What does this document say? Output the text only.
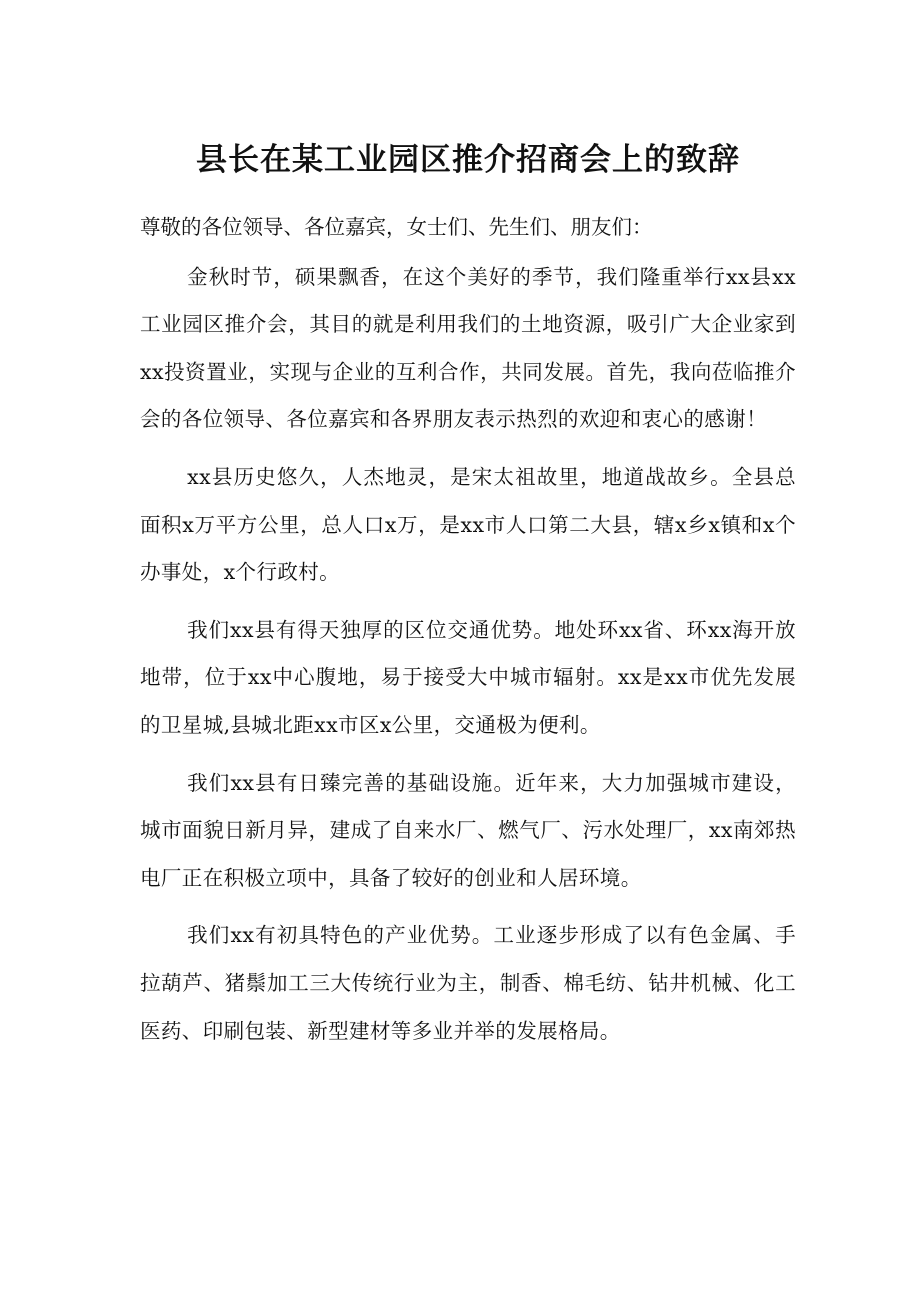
县长在某工业园区推介招商会上的致辞

尊敬的各位领导、各位嘉宾，女士们、先生们、朋友们：

金秋时节，硕果飘香，在这个美好的季节，我们隆重举行xx县xx工业园区推介会，其目的就是利用我们的土地资源，吸引广大企业家到xx投资置业，实现与企业的互利合作，共同发展。首先，我向莅临推介会的各位领导、各位嘉宾和各界朋友表示热烈的欢迎和衷心的感谢！

xx县历史悠久，人杰地灵，是宋太祖故里，地道战故乡。全县总面积x万平方公里，总人口x万，是xx市人口第二大县，辖x乡x镇和x个办事处，x个行政村。

我们xx县有得天独厚的区位交通优势。地处环xx省、环xx海开放地带，位于xx中心腹地，易于接受大中城市辐射。xx是xx市优先发展的卫星城,县城北距xx市区x公里，交通极为便利。

我们xx县有日臻完善的基础设施。近年来，大力加强城市建设，城市面貌日新月异，建成了自来水厂、燃气厂、污水处理厂，xx南郊热电厂正在积极立项中，具备了较好的创业和人居环境。

我们xx有初具特色的产业优势。工业逐步形成了以有色金属、手拉葫芦、猪鬃加工三大传统行业为主，制香、棉毛纺、钻井机械、化工医药、印刷包装、新型建材等多业并举的发展格局。
